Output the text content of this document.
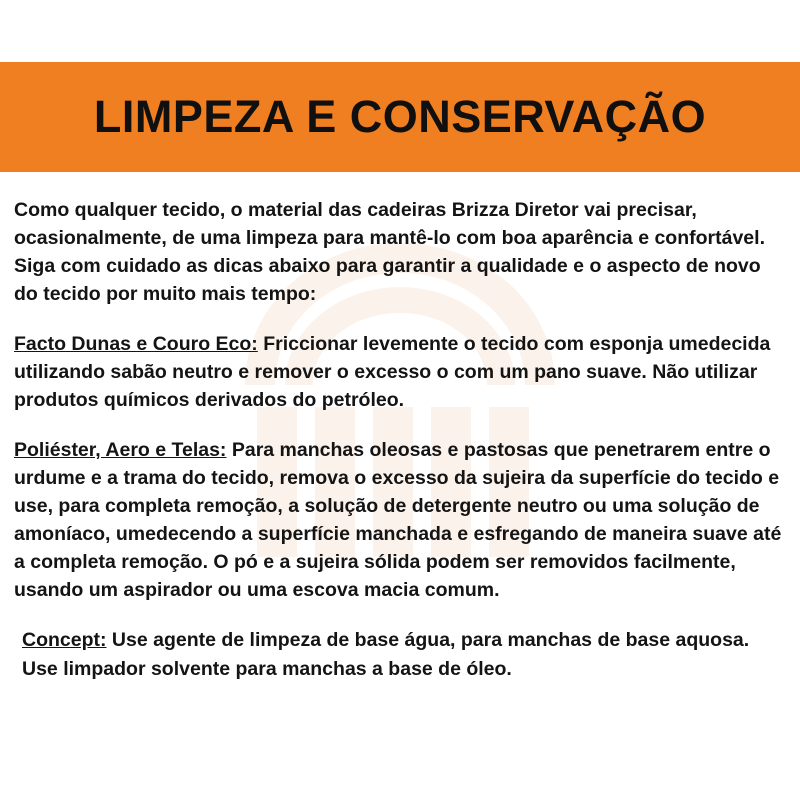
LIMPEZA E CONSERVAÇÃO

Como qualquer tecido, o material das cadeiras Brizza Diretor vai precisar, ocasionalmente, de uma limpeza para mantê-lo com boa aparência e confortável. Siga com cuidado as dicas abaixo para garantir a qualidade e o aspecto de novo do tecido por muito mais tempo:

Facto Dunas e Couro Eco: Friccionar levemente o tecido com esponja umedecida utilizando sabão neutro e remover o excesso o com um pano suave. Não utilizar produtos químicos derivados do petróleo.

Poliéster, Aero e Telas: Para manchas oleosas e pastosas que penetrarem entre o urdume e a trama do tecido, remova o excesso da sujeira da superfície do tecido e use, para completa remoção, a solução de detergente neutro ou uma solução de amoníaco, umedecendo a superfície manchada e esfregando de maneira suave até a completa remoção. O pó e a sujeira sólida podem ser removidos facilmente, usando um aspirador ou uma escova macia comum.

Concept: Use agente de limpeza de base água, para manchas de base aquosa. Use limpador solvente para manchas a base de óleo.
